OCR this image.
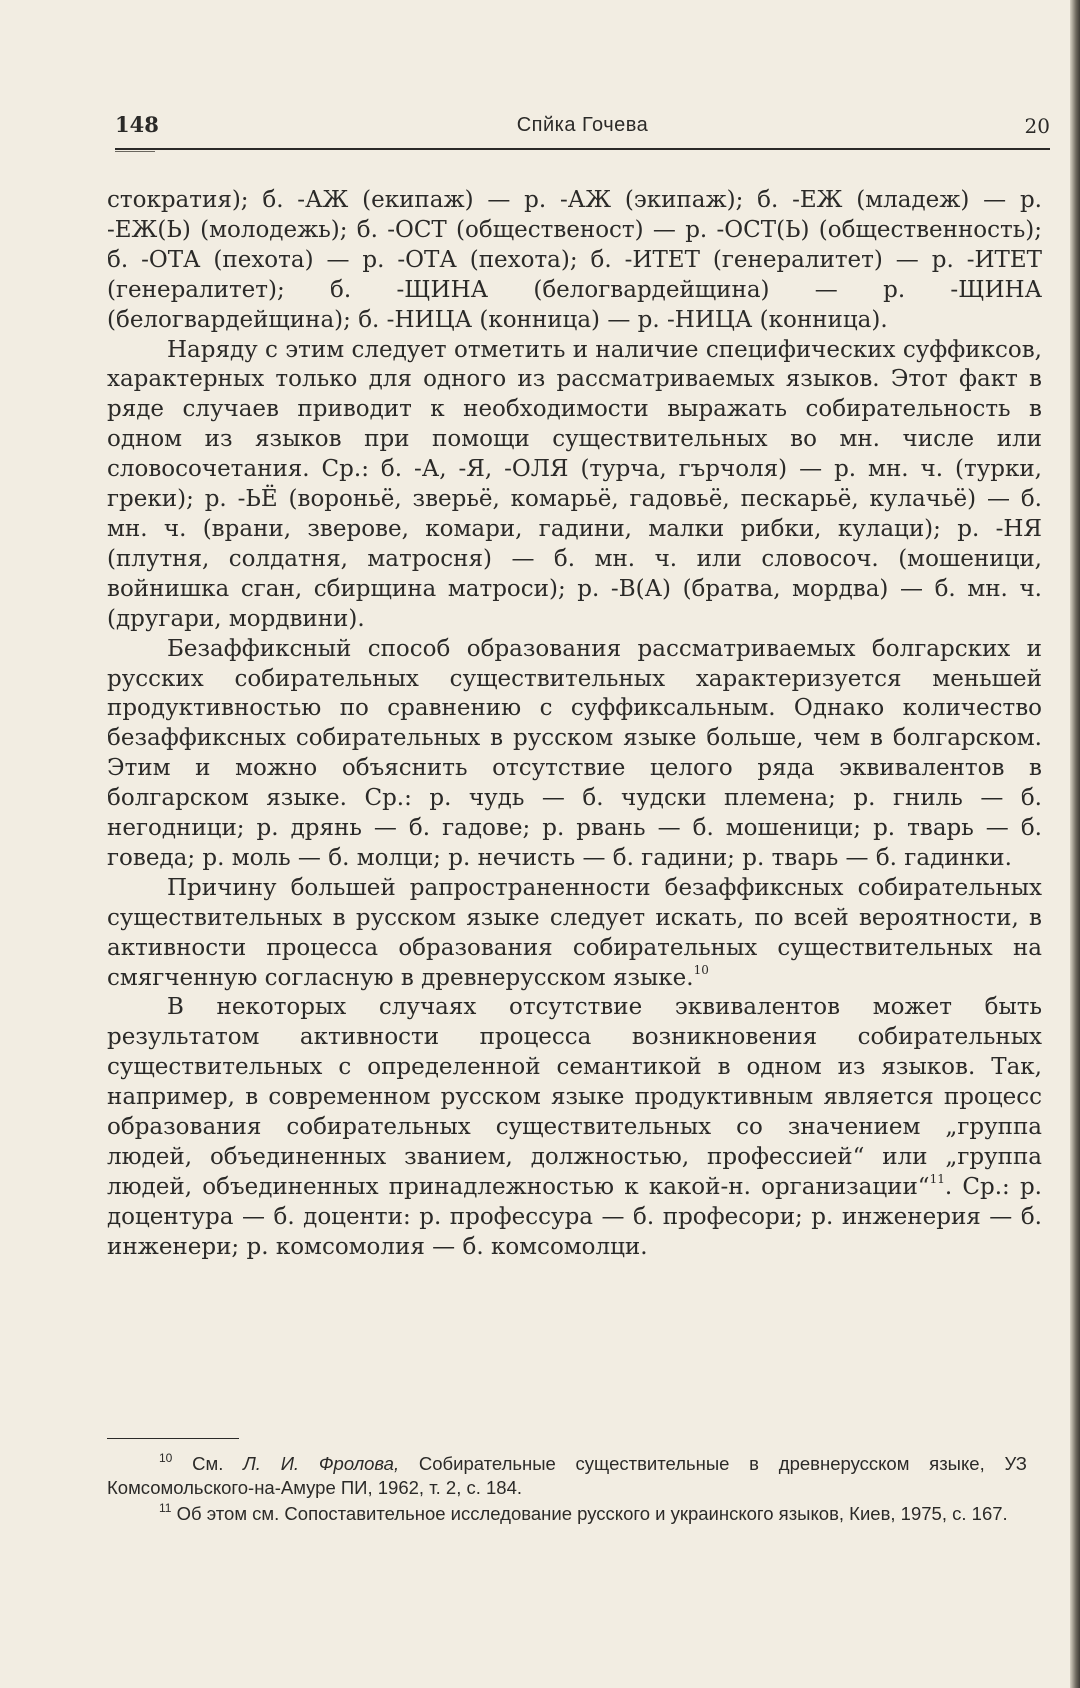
148	Спйка Гочева	20

стократия); б. -АЖ (екипаж) — р. -АЖ (экипаж); б. -ЕЖ (младеж) — р. -ЕЖ(Ь) (молодежь); б. -ОСТ (общественост) — р. -ОСТ(Ь) (общественность); б. -ОТА (пехота) — р. -ОТА (пехота); б. -ИТЕТ (генералитет) — р. -ИТЕТ (генералитет); б. -ЩИНА (белогвардейщина) — р. -ЩИНА (белогвардейщина); б. -НИЦА (конница) — р. -НИЦА (конница).

Наряду с этим следует отметить и наличие специфических суффиксов, характерных только для одного из рассматриваемых языков. Этот факт в ряде случаев приводит к необходимости выражать собирательность в одном из языков при помощи существительных во мн. числе или словосочетания. Ср.: б. -А, -Я, -ОЛЯ (турча, гърчоля) — р. мн. ч. (турки, греки); р. -ЬЁ (вороньё, зверьё, комарьё, гадовьё, пескарьё, кулачьё) — б. мн. ч. (врани, зверове, комари, гадини, малки рибки, кулаци); р. -НЯ (плутня, солдатня, матросня) — б. мн. ч. или словосоч. (мошеници, войнишка сган, сбирщина матроси); р. -В(А) (братва, мордва) — б. мн. ч. (другари, мордвини).

Безаффиксный способ образования рассматриваемых болгарских и русских собирательных существительных характеризуется меньшей продуктивностью по сравнению с суффиксальным. Однако количество безаффиксных собирательных в русском языке больше, чем в болгарском. Этим и можно объяснить отсутствие целого ряда эквивалентов в болгарском языке. Ср.: р. чудь — б. чудски племена; р. гниль — б. негодници; р. дрянь — б. гадове; р. рвань — б. мошеници; р. тварь — б. говеда; р. моль — б. молци; р. нечисть — б. гадини; р. тварь — б. гадинки.

Причину большей рапространенности безаффиксных собирательных существительных в русском языке следует искать, по всей вероятности, в активности процесса образования собирательных существительных на смягченную согласную в древнерусском языке.$^{10}$

В некоторых случаях отсутствие эквивалентов может быть результатом активности процесса возникновения собирательных существительных с определенной семантикой в одном из языков. Так, например, в современном русском языке продуктивным является процесс образования собирательных существительных со значением „группа людей, объединенных званием, должностью, профессией“ или „группа людей, объединенных принадлежностью к какой-н. организации“$^{11}$. Ср.: р. доцентура — б. доценти: р. профессура — б. професори; р. инженерия — б. инженери; р. комсомолия — б. комсомолци.

$^{10}$ См. Л. И. Фролова, Собирательные существительные в древнерусском языке, УЗ Комсомольского-на-Амуре ПИ, 1962, т. 2, с. 184.

$^{11}$ Об этом см. Сопоставительное исследование русского и украинского языков, Киев, 1975, с. 167.
